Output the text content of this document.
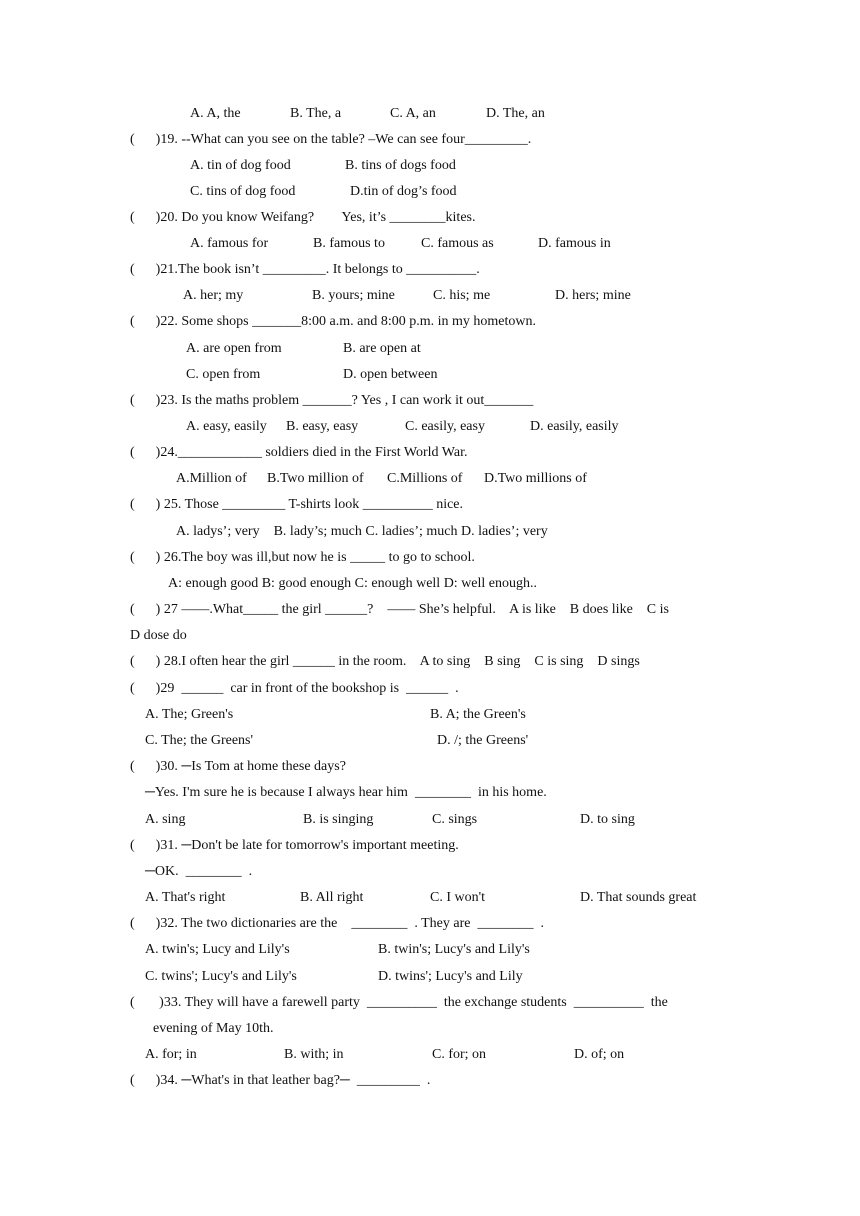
A. A, the	B. The, a	C. A, an	D. The, an
(      )19. --What can you see on the table? –We can see four_________.
A. tin of dog food	B. tins of dogs food
C. tins of dog food	D.tin of dog’s food
(      )20. Do you know Weifang?        Yes, it’s ________kites.
A. famous for	B. famous to	C. famous as	D. famous in
(      )21.The book isn’t _________. It belongs to __________.
A. her; my	B. yours; mine	C. his; me	D. hers; mine
(      )22. Some shops _______8:00 a.m. and 8:00 p.m. in my hometown.
A. are open from	B. are open at
C. open from	D. open between
(      )23. Is the maths problem _______? Yes , I can work it out_______
A. easy, easily B. easy, easy	C. easily, easy	D. easily, easily
(      )24.____________ soldiers died in the First World War.
A.Million of B.Two million of C.Millions of D.Two millions of
(      ) 25. Those _________ T-shirts look __________ nice.
A. ladys’; very    B. lady’s; much C. ladies’; much D. ladies’; very
(      ) 26.The boy was ill,but now he is _____ to go to school.
A: enough good B: good enough C: enough well D: well enough..
(      ) 27 ——.What_____ the girl ______?    —— She’s helpful.    A is like    B does like    C is
D dose do
(      ) 28.I often hear the girl ______ in the room.    A to sing    B sing    C is sing    D sings
(      )29  ______  car in front of the bookshop is  ______  .
A. The; Green's	B. A; the Green's
C. The; the Greens'	D. /; the Greens'
(      )30. ─Is Tom at home these days?
─Yes. I'm sure he is because I always hear him  ________  in his home.
A. sing	B. is singing	C. sings	D. to sing
(      )31. ─Don't be late for tomorrow's important meeting.
─OK.  ________  .
A. That's right	B. All right	C. I won't	D. That sounds great
(      )32. The two dictionaries are the    ________  . They are  ________  .
A. twin's; Lucy and Lily's	B. twin's; Lucy's and Lily's
C. twins'; Lucy's and Lily's	D. twins'; Lucy's and Lily
(       )33. They will have a farewell party  __________  the exchange students  __________  the
evening of May 10th.
A. for; in	B. with; in	C. for; on	D. of; on
(      )34. ─What's in that leather bag?─  _________  .
